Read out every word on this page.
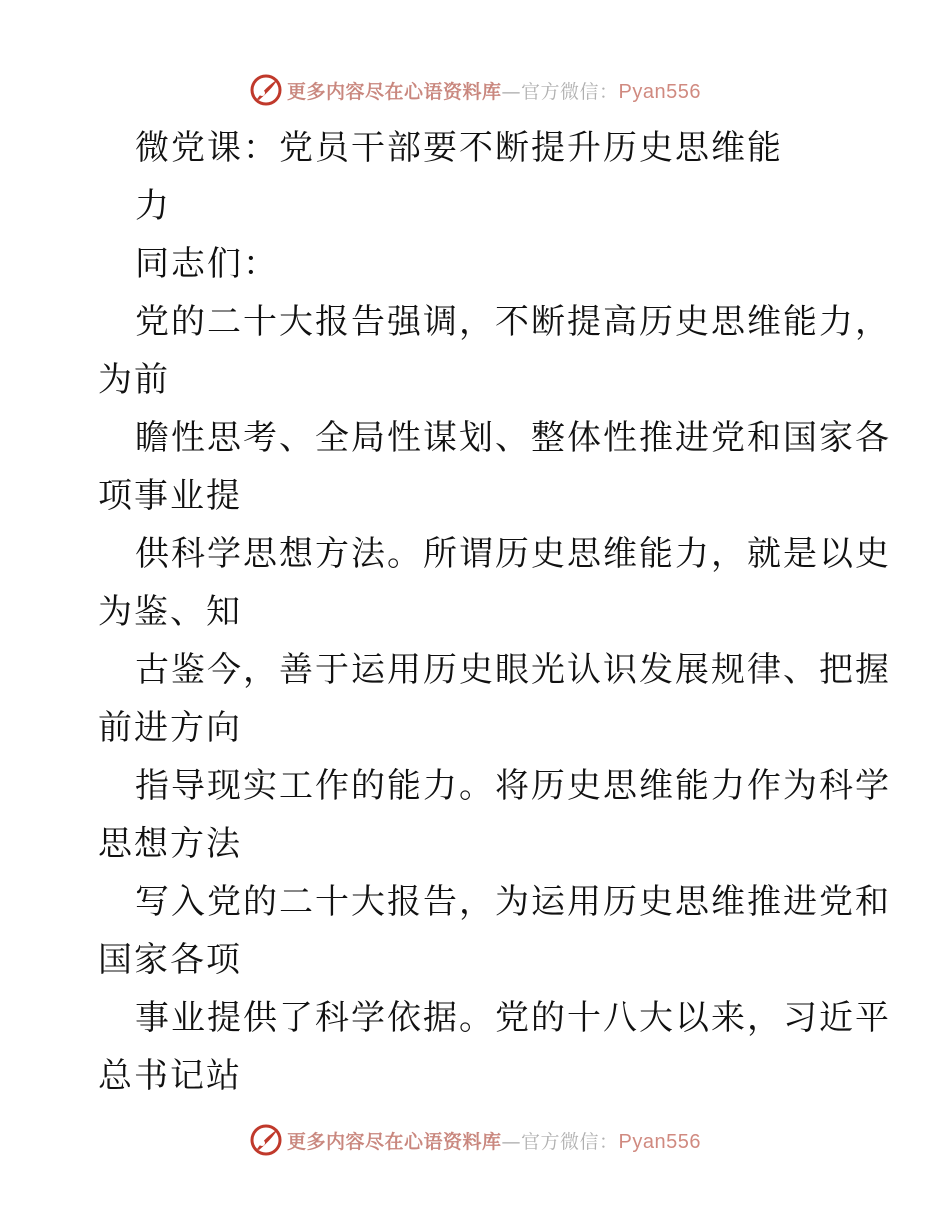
更多内容尽在心语资料库—官方微信：Pyan556
微党课：党员干部要不断提升历史思维能
力
同志们：
党的二十大报告强调，不断提高历史思维能力，
为前
瞻性思考、全局性谋划、整体性推进党和国家各
项事业提
供科学思想方法。所谓历史思维能力，就是以史
为鉴、知
古鉴今，善于运用历史眼光认识发展规律、把握
前进方向
指导现实工作的能力。将历史思维能力作为科学
思想方法
写入党的二十大报告，为运用历史思维推进党和
国家各项
事业提供了科学依据。党的十八大以来，习近平
总书记站
更多内容尽在心语资料库—官方微信：Pyan556
